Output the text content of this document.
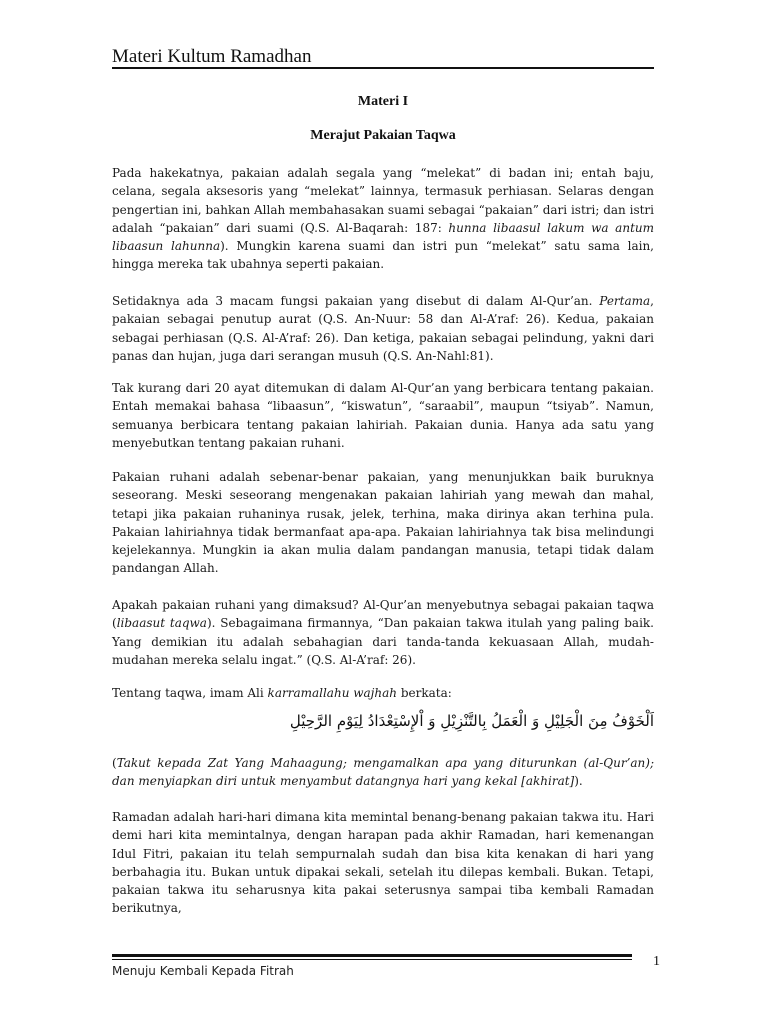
Materi Kultum Ramadhan
Materi I
Merajut Pakaian Taqwa

Pada hakekatnya, pakaian adalah segala yang “melekat” di badan ini; entah baju, celana, segala aksesoris yang “melekat” lainnya, termasuk perhiasan. Selaras dengan pengertian ini, bahkan Allah membahasakan suami sebagai “pakaian” dari istri; dan istri adalah “pakaian” dari suami (Q.S. Al-Baqarah: 187: hunna libaasul lakum wa antum libaasun lahunna). Mungkin karena suami dan istri pun “melekat” satu sama lain, hingga mereka tak ubahnya seperti pakaian.

Setidaknya ada 3 macam fungsi pakaian yang disebut di dalam Al-Qur’an. Pertama, pakaian sebagai penutup aurat (Q.S. An-Nuur: 58 dan Al-A’raf: 26). Kedua, pakaian sebagai perhiasan (Q.S. Al-A’raf: 26). Dan ketiga, pakaian sebagai pelindung, yakni dari panas dan hujan, juga dari serangan musuh (Q.S. An-Nahl:81).

Tak kurang dari 20 ayat ditemukan di dalam Al-Qur’an yang berbicara tentang pakaian. Entah memakai bahasa “libaasun”, “kiswatun”, “saraabil”, maupun “tsiyab”. Namun, semuanya berbicara tentang pakaian lahiriah. Pakaian dunia. Hanya ada satu yang menyebutkan tentang pakaian ruhani.

Pakaian ruhani adalah sebenar-benar pakaian, yang menunjukkan baik buruknya seseorang. Meski seseorang mengenakan pakaian lahiriah yang mewah dan mahal, tetapi jika pakaian ruhaninya rusak, jelek, terhina, maka dirinya akan terhina pula. Pakaian lahiriahnya tidak bermanfaat apa-apa. Pakaian lahiriahnya tak bisa melindungi kejelekannya. Mungkin ia akan mulia dalam pandangan manusia, tetapi tidak dalam pandangan Allah.

Apakah pakaian ruhani yang dimaksud? Al-Qur’an menyebutnya sebagai pakaian taqwa (libaasut taqwa). Sebagaimana firmannya, “Dan pakaian takwa itulah yang paling baik. Yang demikian itu adalah sebahagian dari tanda-tanda kekuasaan Allah, mudah-mudahan mereka selalu ingat.” (Q.S. Al-A’raf: 26).

Tentang taqwa, imam Ali karramallahu wajhah berkata:

اَلْخَوْفُ مِنَ الْجَلِيْلِ وَ الْعَمَلُ بِالتَّنْزِيْلِ وَ اْلإِسْتِعْدَادُ لِيَوْمِ الرَّحِيْلِ

(Takut kepada Zat Yang Mahaagung; mengamalkan apa yang diturunkan (al-Qur’an); dan menyiapkan diri untuk menyambut datangnya hari yang kekal [akhirat]).

Ramadan adalah hari-hari dimana kita memintal benang-benang pakaian takwa itu. Hari demi hari kita memintalnya, dengan harapan pada akhir Ramadan, hari kemenangan Idul Fitri, pakaian itu telah sempurnalah sudah dan bisa kita kenakan di hari yang berbahagia itu. Bukan untuk dipakai sekali, setelah itu dilepas kembali. Bukan. Tetapi, pakaian takwa itu seharusnya kita pakai seterusnya sampai tiba kembali Ramadan berikutnya,

1
Menuju Kembali Kepada Fitrah
